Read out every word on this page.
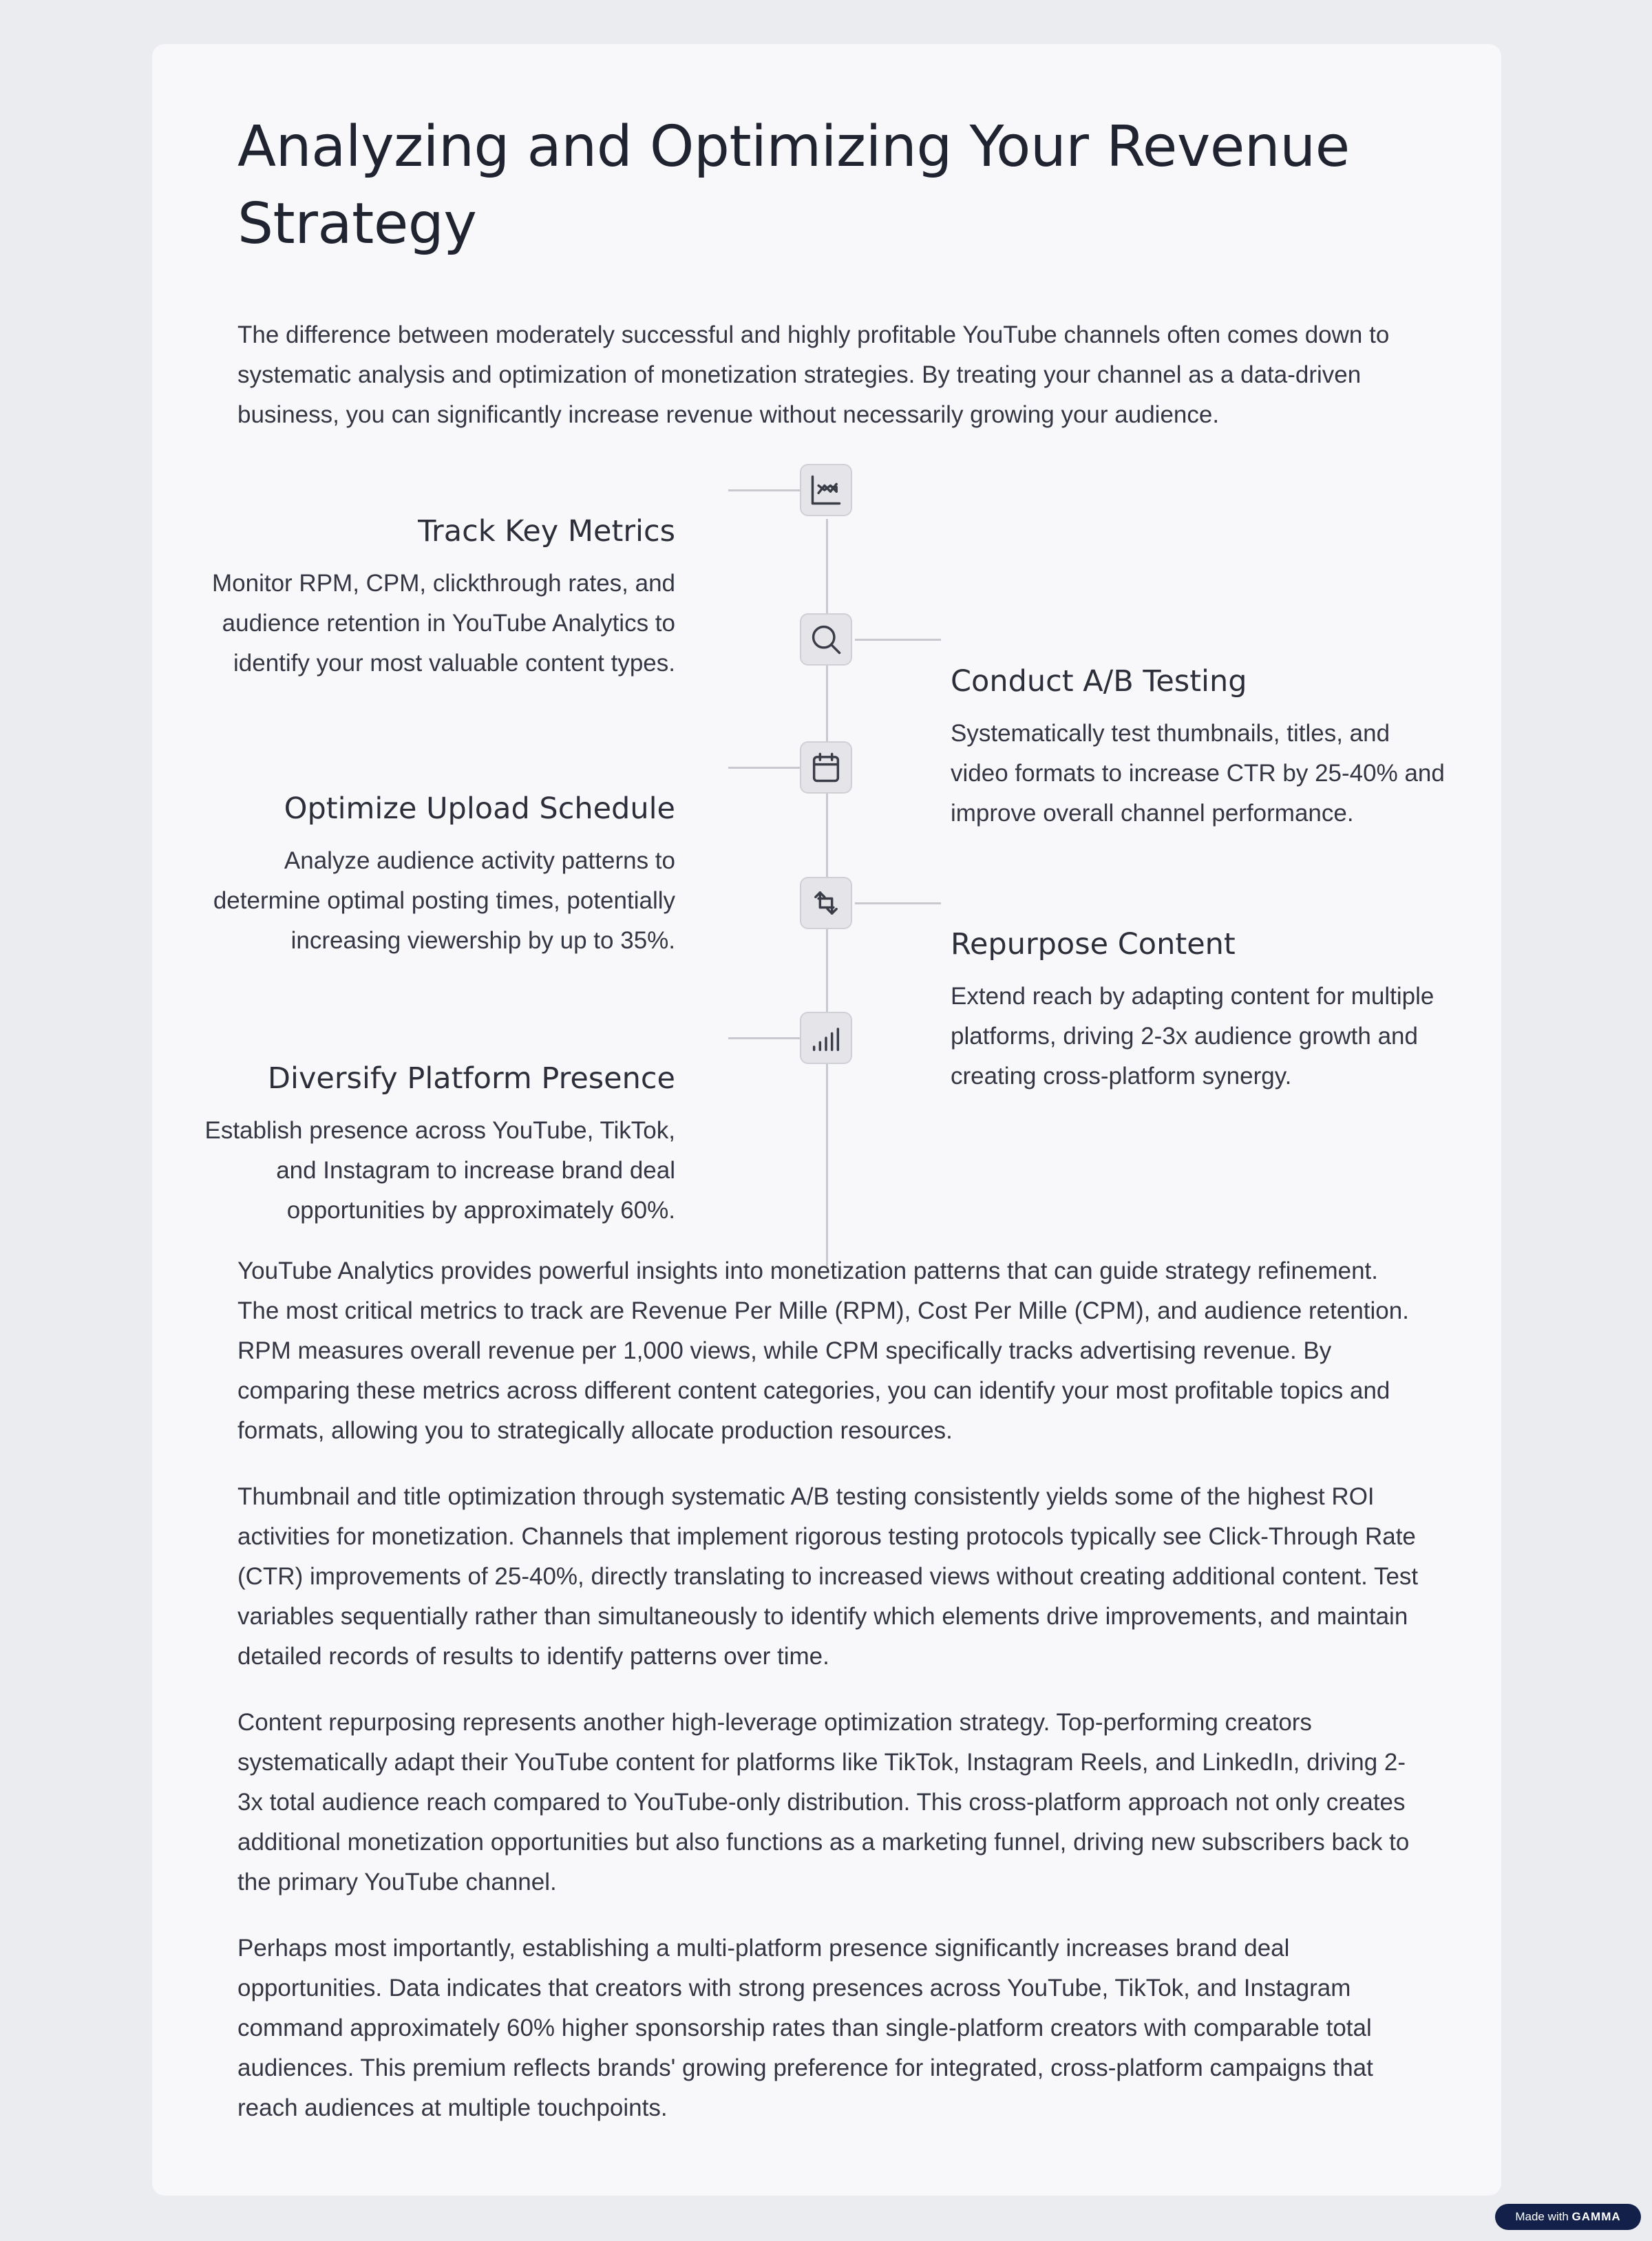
Analyzing and Optimizing Your Revenue Strategy

The difference between moderately successful and highly profitable YouTube channels often comes down to systematic analysis and optimization of monetization strategies. By treating your channel as a data-driven business, you can significantly increase revenue without necessarily growing your audience.

Track Key Metrics

Monitor RPM, CPM, clickthrough rates, and audience retention in YouTube Analytics to identify your most valuable content types.

Conduct A/B Testing

Systematically test thumbnails, titles, and video formats to increase CTR by 25-40% and improve overall channel performance.

Optimize Upload Schedule

Analyze audience activity patterns to determine optimal posting times, potentially increasing viewership by up to 35%.	Repurpose Content

Extend reach by adapting content for multiple platforms, driving 2-3x audience growth and creating cross-platform synergy.

Diversify Platform Presence

Establish presence across YouTube, TikTok, and Instagram to increase brand deal opportunities by approximately 60%.

YouTube Analytics provides powerful insights into monetization patterns that can guide strategy refinement. The most critical metrics to track are Revenue Per Mille (RPM), Cost Per Mille (CPM), and audience retention. RPM measures overall revenue per 1,000 views, while CPM specifically tracks advertising revenue. By comparing these metrics across different content categories, you can identify your most profitable topics and formats, allowing you to strategically allocate production resources.

Thumbnail and title optimization through systematic A/B testing consistently yields some of the highest ROI activities for monetization. Channels that implement rigorous testing protocols typically see Click-Through Rate (CTR) improvements of 25-40%, directly translating to increased views without creating additional content. Test variables sequentially rather than simultaneously to identify which elements drive improvements, and maintain detailed records of results to identify patterns over time.

Content repurposing represents another high-leverage optimization strategy. Top-performing creators systematically adapt their YouTube content for platforms like TikTok, Instagram Reels, and LinkedIn, driving 2-3x total audience reach compared to YouTube-only distribution. This cross-platform approach not only creates additional monetization opportunities but also functions as a marketing funnel, driving new subscribers back to the primary YouTube channel.

Perhaps most importantly, establishing a multi-platform presence significantly increases brand deal opportunities. Data indicates that creators with strong presences across YouTube, TikTok, and Instagram command approximately 60% higher sponsorship rates than single-platform creators with comparable total audiences. This premium reflects brands' growing preference for integrated, cross-platform campaigns that reach audiences at multiple touchpoints.

Made with GAMMA
